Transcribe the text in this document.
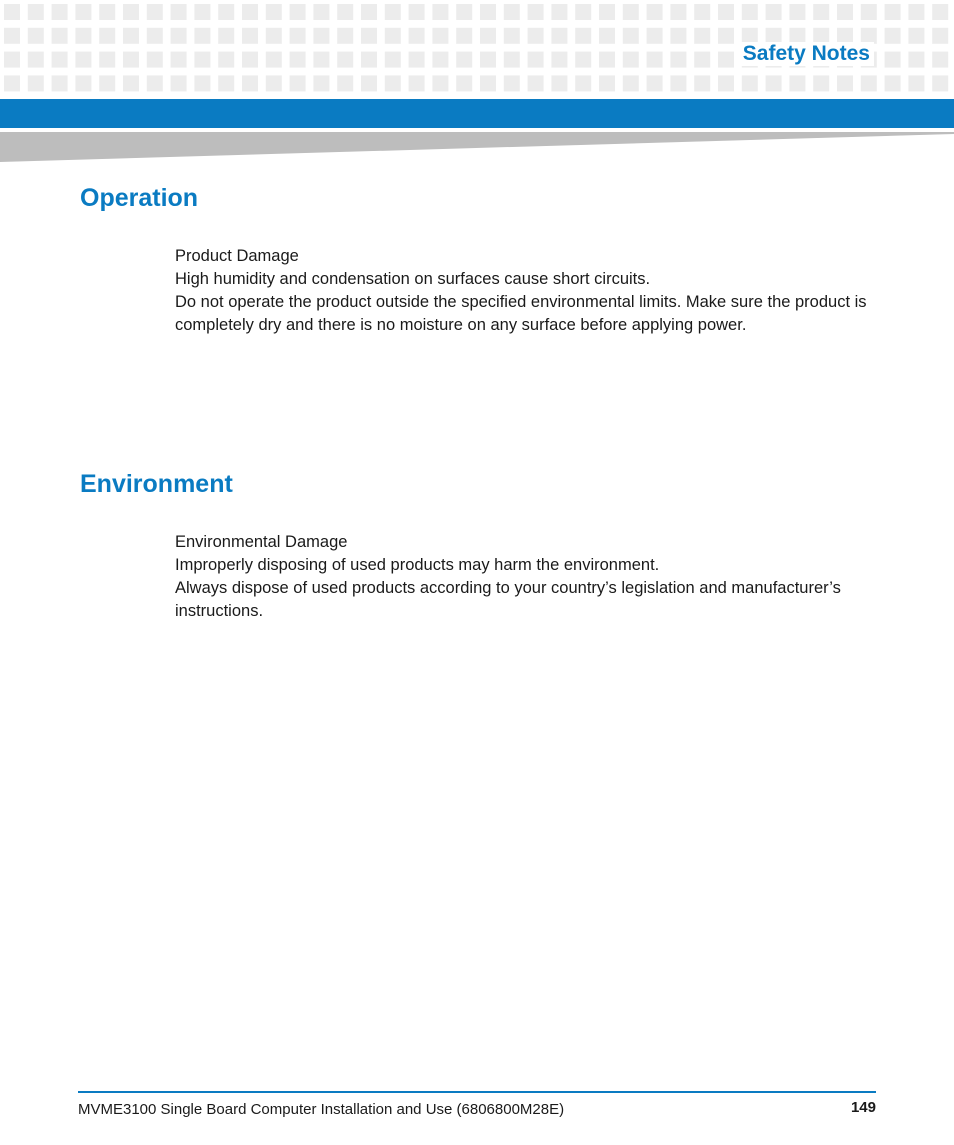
Safety Notes
Operation

Product Damage

High humidity and condensation on surfaces cause short circuits.

Do not operate the product outside the specified environmental limits. Make sure the product is completely dry and there is no moisture on any surface before applying power.

Environment

Environmental Damage

Improperly disposing of used products may harm the environment.

Always dispose of used products according to your country’s legislation and manufacturer’s instructions.

MVME3100 Single Board Computer Installation and Use (6806800M28E)	149
